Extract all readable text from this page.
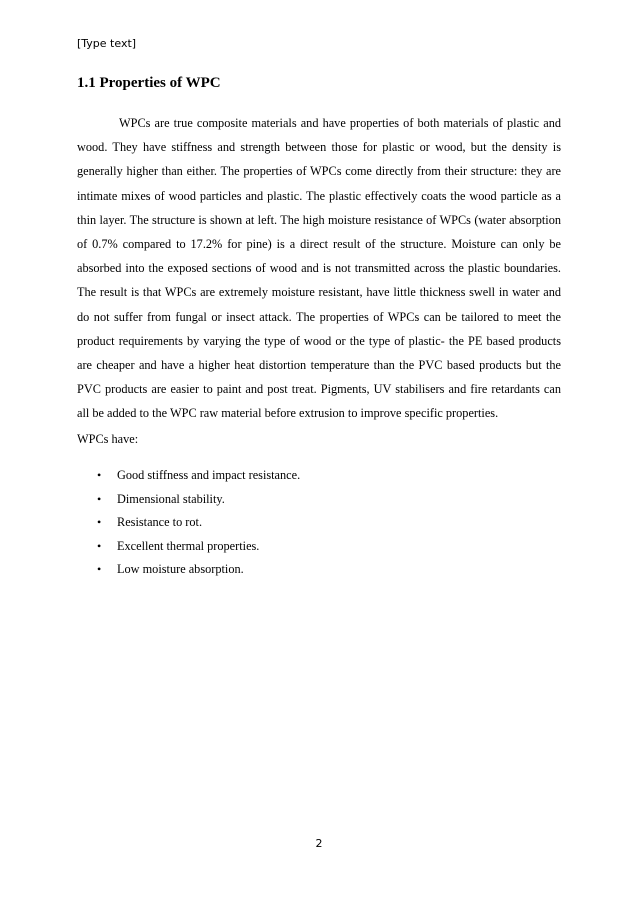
[Type text]
1.1 Properties of WPC

WPCs are true composite materials and have properties of both materials of plastic and wood. They have stiffness and strength between those for plastic or wood, but the density is generally higher than either. The properties of WPCs come directly from their structure: they are intimate mixes of wood particles and plastic. The plastic effectively coats the wood particle as a thin layer. The structure is shown at left. The high moisture resistance of WPCs (water absorption of 0.7% compared to 17.2% for pine) is a direct result of the structure. Moisture can only be absorbed into the exposed sections of wood and is not transmitted across the plastic boundaries. The result is that WPCs are extremely moisture resistant, have little thickness swell in water and do not suffer from fungal or insect attack. The properties of WPCs can be tailored to meet the product requirements by varying the type of wood or the type of plastic- the PE based products are cheaper and have a higher heat distortion temperature than the PVC based products but the PVC products are easier to paint and post treat. Pigments, UV stabilisers and fire retardants can all be added to the WPC raw material before extrusion to improve specific properties.

WPCs have:

• Good stiffness and impact resistance.
• Dimensional stability.
• Resistance to rot.
• Excellent thermal properties.
• Low moisture absorption.
2
